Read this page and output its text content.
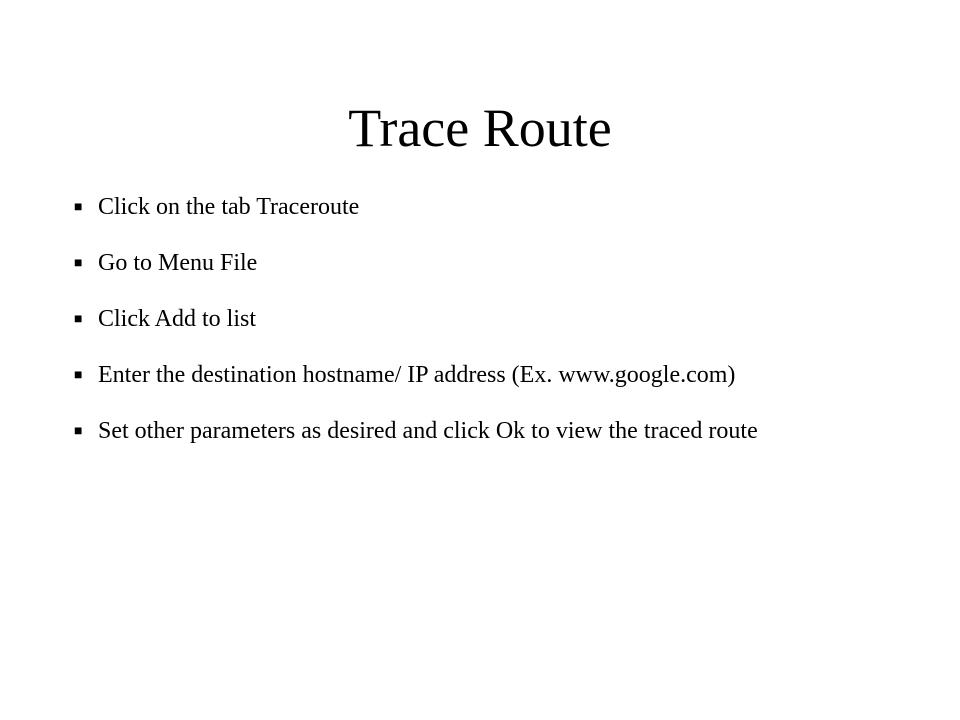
Trace Route
■ Click on the tab Traceroute
■ Go to Menu File
■ Click Add to list
■ Enter the destination hostname/ IP address (Ex. www.google.com)
■ Set other parameters as desired and click Ok to view the traced route
